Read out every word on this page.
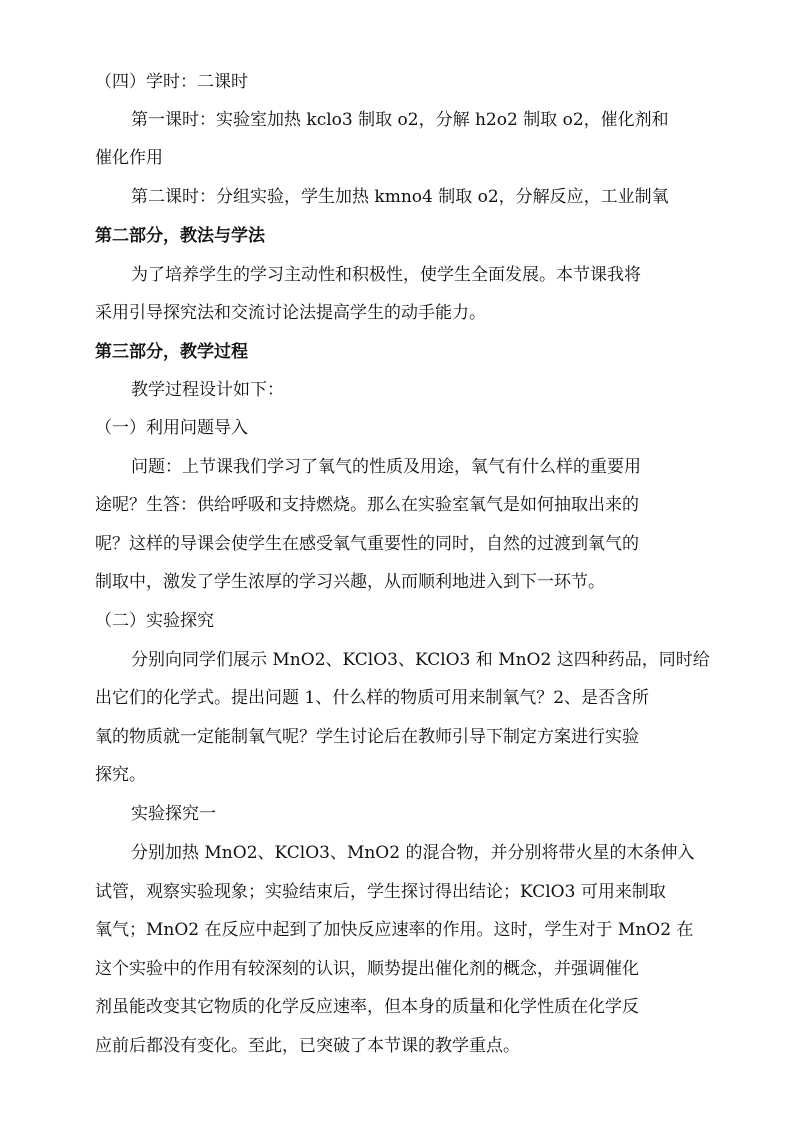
（四）学时：二课时
第一课时：实验室加热 kclo3 制取 o2，分解 h2o2 制取 o2，催化剂和
催化作用
第二课时：分组实验，学生加热 kmno4 制取 o2，分解反应，工业制氧
第二部分，教法与学法
为了培养学生的学习主动性和积极性，使学生全面发展。本节课我将
采用引导探究法和交流讨论法提高学生的动手能力。
第三部分，教学过程
教学过程设计如下：
（一）利用问题导入
问题：上节课我们学习了氧气的性质及用途，氧气有什么样的重要用
途呢？生答：供给呼吸和支持燃烧。那么在实验室氧气是如何抽取出来的
呢？这样的导课会使学生在感受氧气重要性的同时，自然的过渡到氧气的
制取中，激发了学生浓厚的学习兴趣，从而顺利地进入到下一环节。
（二）实验探究
分别向同学们展示 MnO2、KClO3、KClO3 和 MnO2 这四种药品，同时给
出它们的化学式。提出问题 1、什么样的物质可用来制氧气？2、是否含所
氧的物质就一定能制氧气呢？学生讨论后在教师引导下制定方案进行实验
探究。
实验探究一
分别加热 MnO2、KClO3、MnO2 的混合物，并分别将带火星的木条伸入
试管，观察实验现象；实验结束后，学生探讨得出结论；KClO3 可用来制取
氧气；MnO2 在反应中起到了加快反应速率的作用。这时，学生对于 MnO2 在
这个实验中的作用有较深刻的认识，顺势提出催化剂的概念，并强调催化
剂虽能改变其它物质的化学反应速率，但本身的质量和化学性质在化学反
应前后都没有变化。至此，已突破了本节课的教学重点。
